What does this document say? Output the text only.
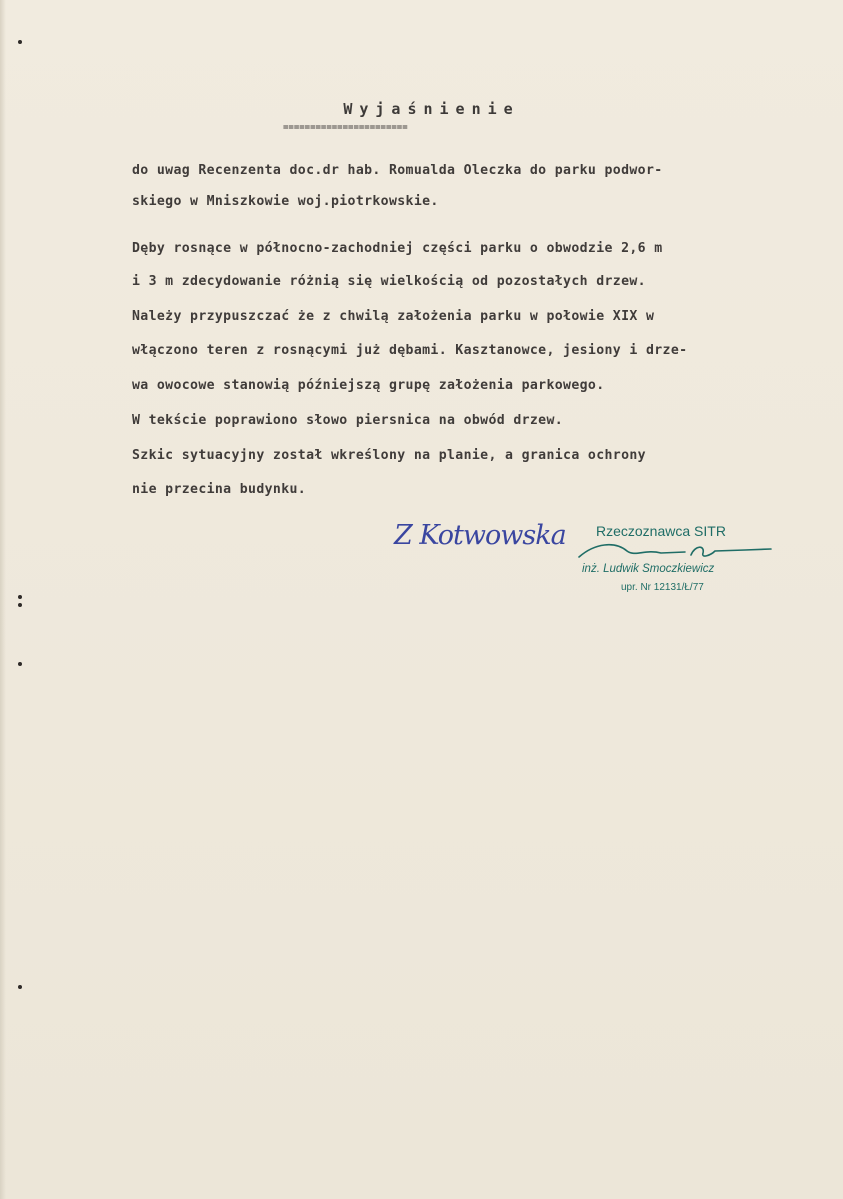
Wyjaśnienie
=======================
do uwag Recenzenta doc.dr hab. Romualda Oleczka do parku podwor-
skiego w Mniszkowie woj.piotrkowskie.
Dęby rosnące w północno-zachodniej części parku o obwodzie 2,6 m
i 3 m zdecydowanie różnią się wielkością od pozostałych drzew.
Należy przypuszczać że z chwilą założenia parku w połowie XIX w
włączono teren z rosnącymi już dębami. Kasztanowce, jesiony i drze-
wa owocowe stanowią późniejszą grupę założenia parkowego.
W tekście poprawiono słowo piersnica na obwód drzew.
Szkic sytuacyjny został wkreślony na planie, a granica ochrony
nie przecina budynku.
Z Kotwowska Rzeczoznawca SITR
inż. Ludwik Smoczkiewicz
upr. Nr 12131/Ł/77
